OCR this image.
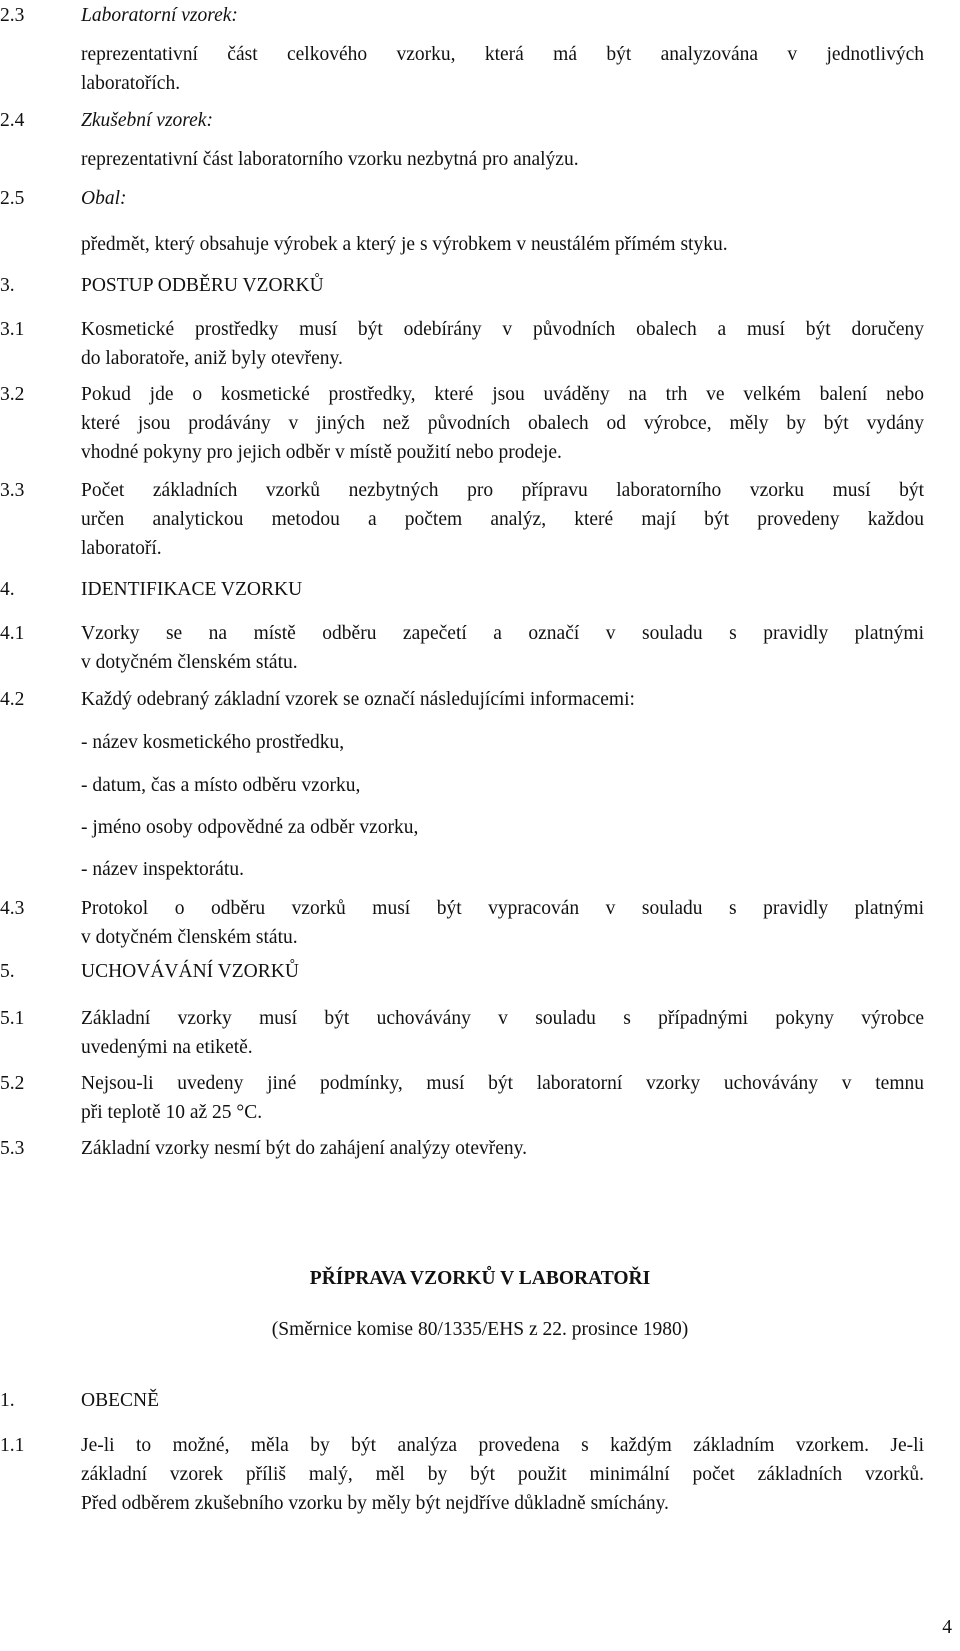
2.3	Laboratorní vzorek:

reprezentativní část celkového vzorku, která má být analyzována v jednotlivých

laboratořích.

2.4	Zkušební vzorek:
reprezentativní část laboratorního vzorku nezbytná pro analýzu.
2.5	Obal:
předmět, který obsahuje výrobek a který je s výrobkem v neustálém přímém styku.
3.	POSTUP ODBĚRU VZORKŮ
3.1	Kosmetické prostředky musí být odebírány v původních obalech a musí být doručeny

do laboratoře, aniž byly otevřeny.

3.2	Pokud jde o kosmetické prostředky, které jsou uváděny na trh ve velkém balení nebo

které jsou prodávány v jiných než původních obalech od výrobce, měly by být vydány

vhodné pokyny pro jejich odběr v místě použití nebo prodeje.

3.3	Počet základních vzorků nezbytných pro přípravu laboratorního vzorku musí být

určen analytickou metodou a počtem analýz, které mají být provedeny každou

laboratoří.

4.	IDENTIFIKACE VZORKU
4.1	Vzorky se na místě odběru zapečetí a označí v souladu s pravidly platnými

v dotyčném členském státu.

4.2	Každý odebraný základní vzorek se označí následujícími informacemi:
- název kosmetického prostředku,
- datum, čas a místo odběru vzorku,
- jméno osoby odpovědné za odběr vzorku,
- název inspektorátu.
4.3	Protokol o odběru vzorků musí být vypracován v souladu s pravidly platnými

v dotyčném členském státu.

5.	UCHOVÁVÁNÍ VZORKŮ
5.1	Základní vzorky musí být uchovávány v souladu s případnými pokyny výrobce

uvedenými na etiketě.

5.2	Nejsou-li uvedeny jiné podmínky, musí být laboratorní vzorky uchovávány v temnu

při teplotě 10 až 25 °C.

5.3	Základní vzorky nesmí být do zahájení analýzy otevřeny.
PŘÍPRAVA VZORKŮ V LABORATOŘI
(Směrnice komise 80/1335/EHS z 22. prosince 1980)
1.	OBECNĚ
1.1	Je-li to možné, měla by být analýza provedena s každým základním vzorkem. Je-li

základní vzorek příliš malý, měl by být použit minimální počet základních vzorků.

Před odběrem zkušebního vzorku by měly být nejdříve důkladně smíchány.

4
